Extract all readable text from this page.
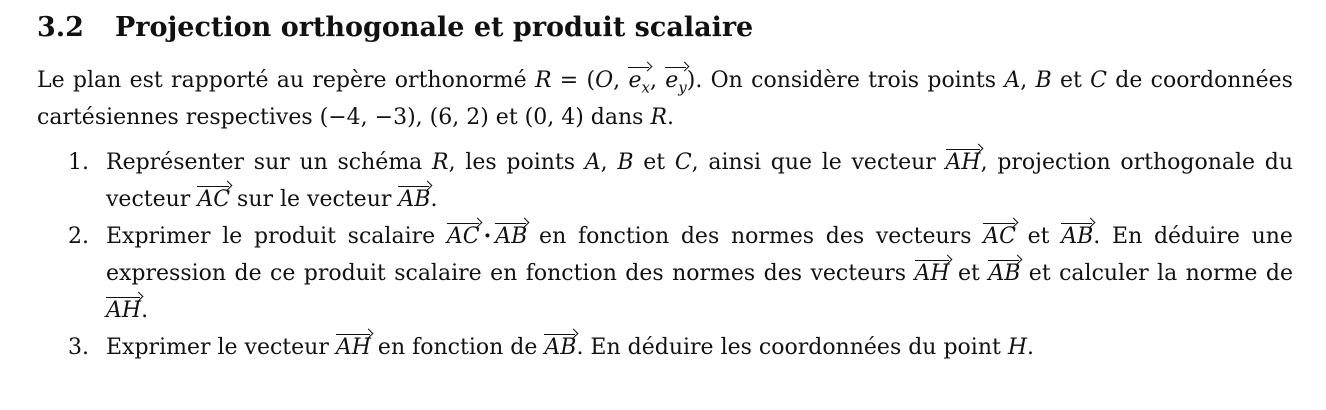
3.2 Projection orthogonale et produit scalaire
Le plan est rapporté au repère orthonormé R = (O, $e_x$, $e_y$). On considère trois points A, B et C de coordonnées cartésiennes respectives (−4, −3), (6, 2) et (0, 4) dans R.
1. Représenter sur un schéma R, les points A, B et C, ainsi que le vecteur AH, projection orthogonale du vecteur AC sur le vecteur AB.
2. Exprimer le produit scalaire AC · AB en fonction des normes des vecteurs AC et AB. En déduire une expression de ce produit scalaire en fonction des normes des vecteurs AH et AB et calculer la norme de AH.
3. Exprimer le vecteur AH en fonction de AB. En déduire les coordonnées du point H.
